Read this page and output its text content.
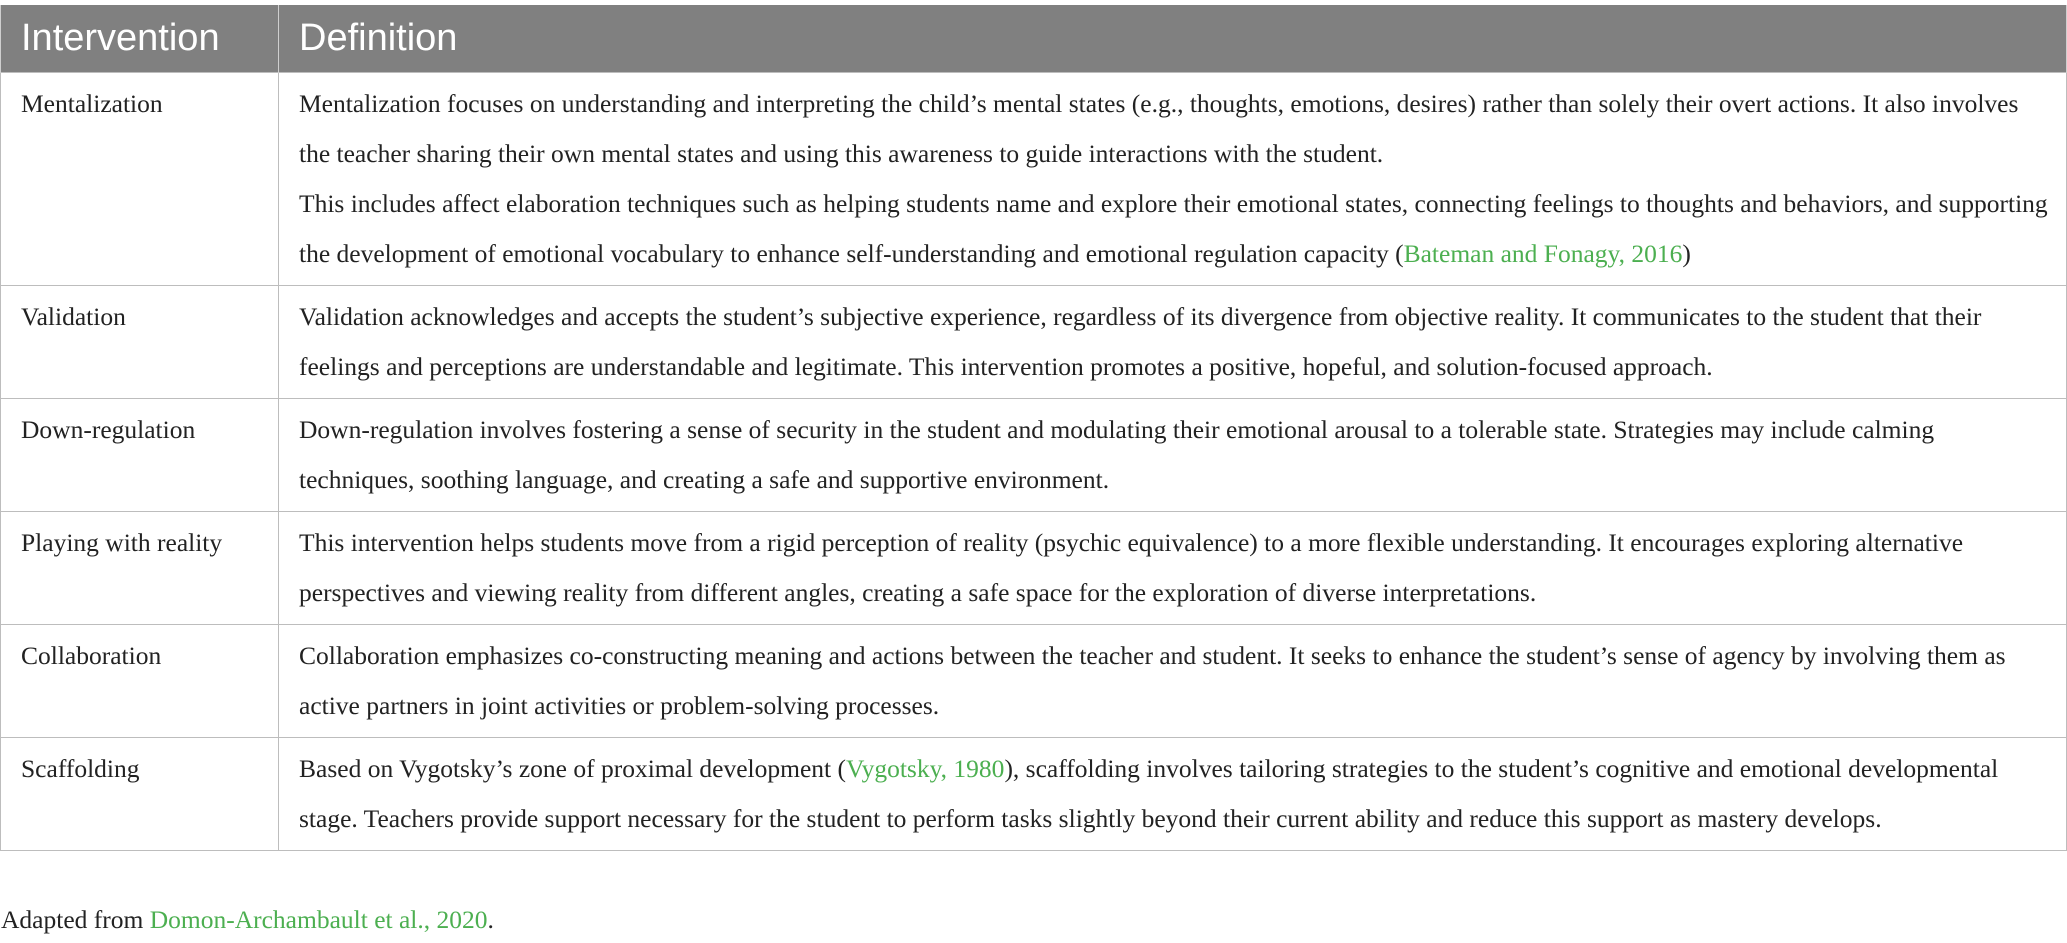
Intervention	Definition
Mentalization	Mentalization focuses on understanding and interpreting the child’s mental states (e.g., thoughts, emotions, desires) rather than solely their overt actions. It also involves the teacher sharing their own mental states and using this awareness to guide interactions with the student.
This includes affect elaboration techniques such as helping students name and explore their emotional states, connecting feelings to thoughts and behaviors, and supporting the development of emotional vocabulary to enhance self-understanding and emotional regulation capacity (Bateman and Fonagy, 2016)

Validation	Validation acknowledges and accepts the student’s subjective experience, regardless of its divergence from objective reality. It communicates to the student that their feelings and perceptions are understandable and legitimate. This intervention promotes a positive, hopeful, and solution-focused approach.

Down-regulation	Down-regulation involves fostering a sense of security in the student and modulating their emotional arousal to a tolerable state. Strategies may include calming techniques, soothing language, and creating a safe and supportive environment.

Playing with reality	This intervention helps students move from a rigid perception of reality (psychic equivalence) to a more flexible understanding. It encourages exploring alternative perspectives and viewing reality from different angles, creating a safe space for the exploration of diverse interpretations.

Collaboration	Collaboration emphasizes co-constructing meaning and actions between the teacher and student. It seeks to enhance the student’s sense of agency by involving them as active partners in joint activities or problem-solving processes.

Scaffolding	Based on Vygotsky’s zone of proximal development (Vygotsky, 1980), scaffolding involves tailoring strategies to the student’s cognitive and emotional developmental stage. Teachers provide support necessary for the student to perform tasks slightly beyond their current ability and reduce this support as mastery develops.
Adapted from Domon-Archambault et al., 2020.
